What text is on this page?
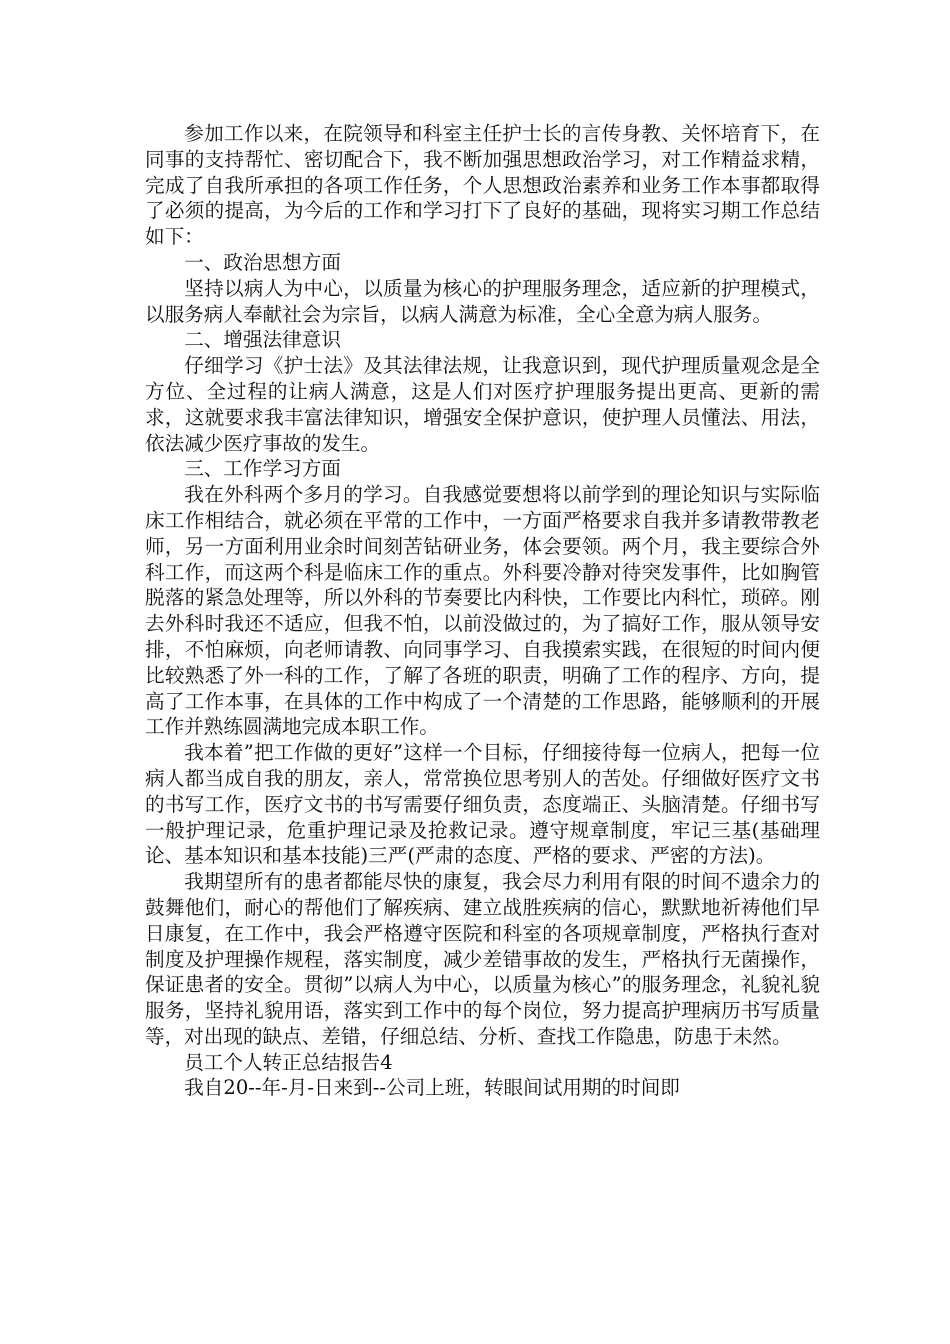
参加工作以来，在院领导和科室主任护士长的言传身教、关怀培育下，在同事的支持帮忙、密切配合下，我不断加强思想政治学习，对工作精益求精，完成了自我所承担的各项工作任务，个人思想政治素养和业务工作本事都取得了必须的提高，为今后的工作和学习打下了良好的基础，现将实习期工作总结如下：

一、政治思想方面

坚持以病人为中心，以质量为核心的护理服务理念，适应新的护理模式，以服务病人奉献社会为宗旨，以病人满意为标准，全心全意为病人服务。

二、增强法律意识

仔细学习《护士法》及其法律法规，让我意识到，现代护理质量观念是全方位、全过程的让病人满意，这是人们对医疗护理服务提出更高、更新的需求，这就要求我丰富法律知识，增强安全保护意识，使护理人员懂法、用法，依法减少医疗事故的发生。

三、工作学习方面

我在外科两个多月的学习。自我感觉要想将以前学到的理论知识与实际临床工作相结合，就必须在平常的工作中，一方面严格要求自我并多请教带教老师，另一方面利用业余时间刻苦钻研业务，体会要领。两个月，我主要综合外科工作，而这两个科是临床工作的重点。外科要冷静对待突发事件，比如胸管脱落的紧急处理等，所以外科的节奏要比内科快，工作要比内科忙，琐碎。刚去外科时我还不适应，但我不怕，以前没做过的，为了搞好工作，服从领导安排，不怕麻烦，向老师请教、向同事学习、自我摸索实践，在很短的时间内便比较熟悉了外一科的工作，了解了各班的职责，明确了工作的程序、方向，提高了工作本事，在具体的工作中构成了一个清楚的工作思路，能够顺利的开展工作并熟练圆满地完成本职工作。

我本着”把工作做的更好”这样一个目标，仔细接待每一位病人，把每一位病人都当成自我的朋友，亲人，常常换位思考别人的苦处。仔细做好医疗文书的书写工作，医疗文书的书写需要仔细负责，态度端正、头脑清楚。仔细书写一般护理记录，危重护理记录及抢救记录。遵守规章制度，牢记三基(基础理论、基本知识和基本技能)三严(严肃的态度、严格的要求、严密的方法)。

我期望所有的患者都能尽快的康复，我会尽力利用有限的时间不遗余力的鼓舞他们，耐心的帮他们了解疾病、建立战胜疾病的信心，默默地祈祷他们早日康复，在工作中，我会严格遵守医院和科室的各项规章制度，严格执行查对制度及护理操作规程，落实制度，减少差错事故的发生，严格执行无菌操作，保证患者的安全。贯彻”以病人为中心，以质量为核心”的服务理念，礼貌礼貌服务，坚持礼貌用语，落实到工作中的每个岗位，努力提高护理病历书写质量等，对出现的缺点、差错，仔细总结、分析、查找工作隐患，防患于未然。

员工个人转正总结报告4

我自20--年-月-日来到--公司上班，转眼间试用期的时间即
